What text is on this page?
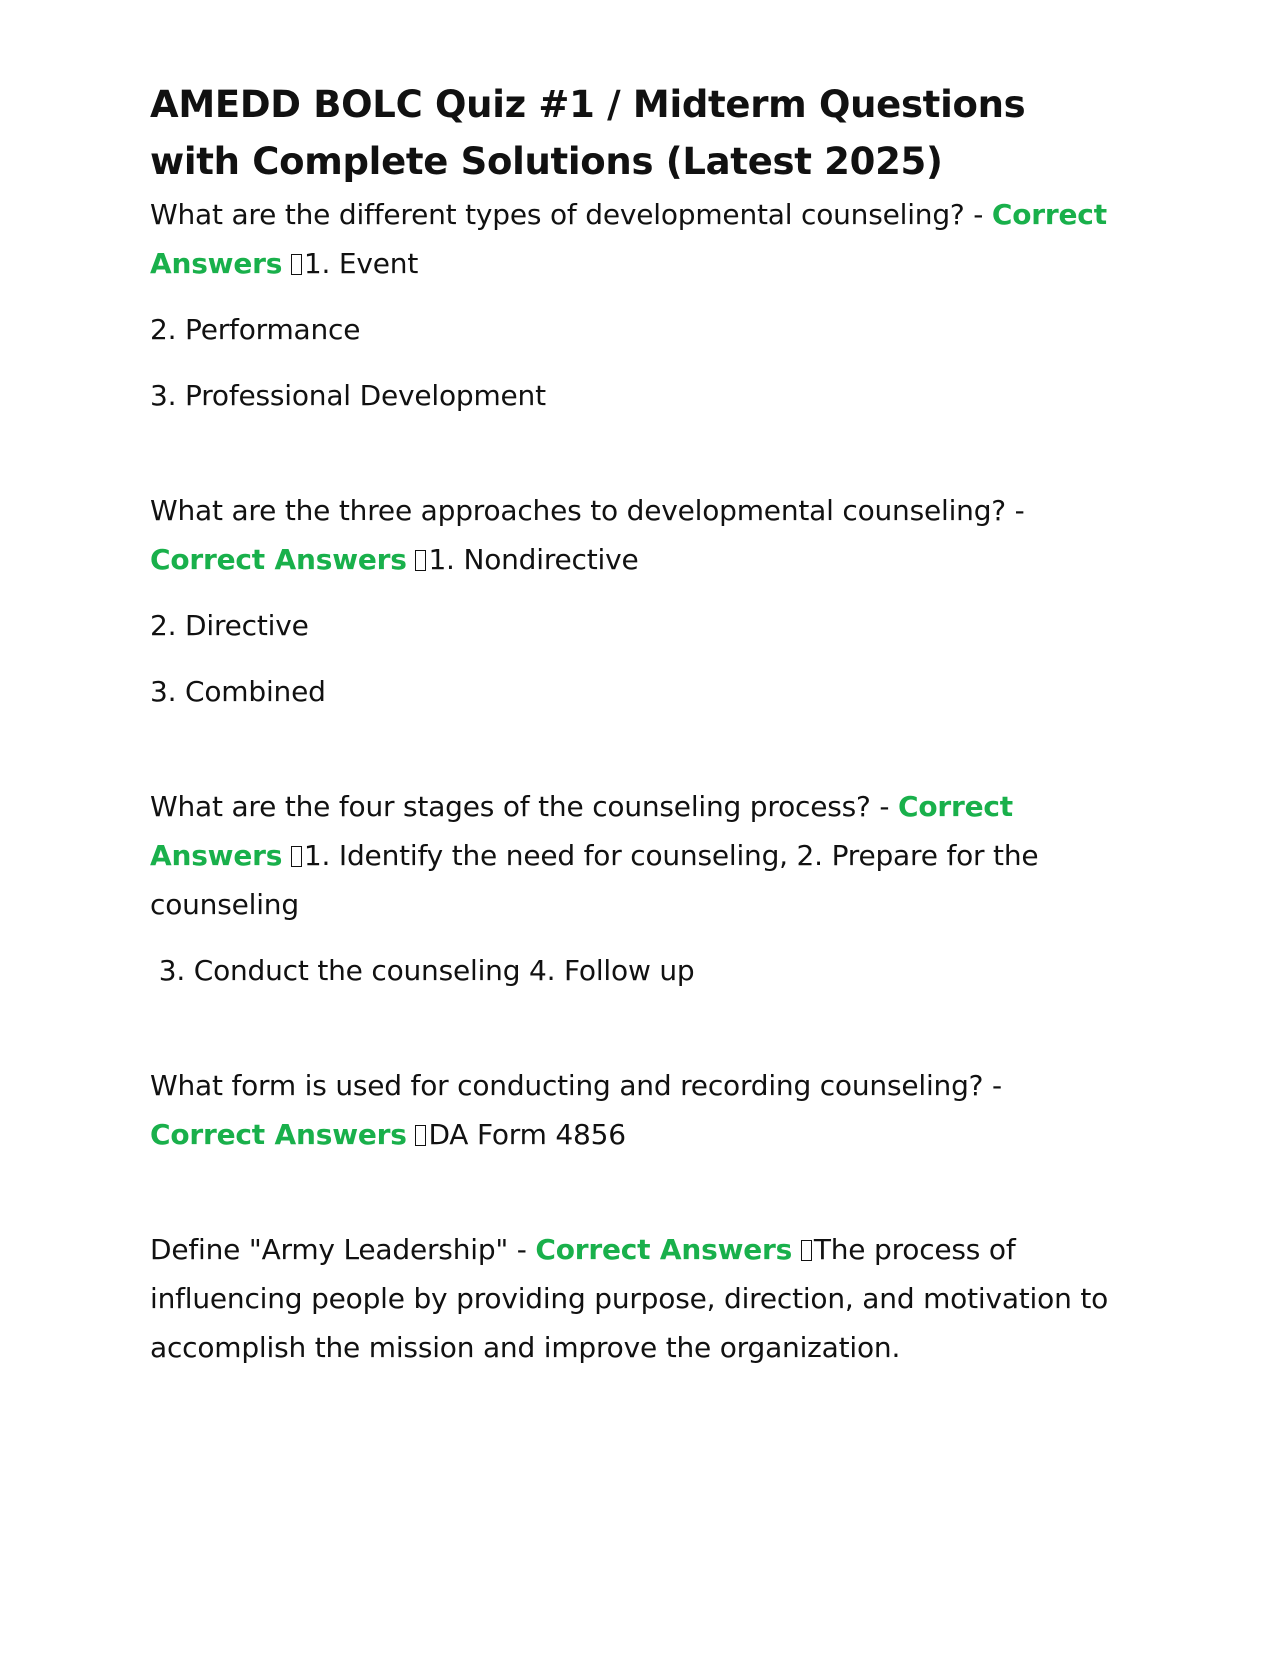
AMEDD BOLC Quiz #1 / Midterm Questions with Complete Solutions (Latest 2025)

What are the different types of developmental counseling? - Correct Answers 1. Event

2. Performance

3. Professional Development

What are the three approaches to developmental counseling? - Correct Answers 1. Nondirective

2. Directive

3. Combined

What are the four stages of the counseling process? - Correct Answers 1. Identify the need for counseling, 2. Prepare for the counseling

3. Conduct the counseling 4. Follow up

What form is used for conducting and recording counseling? - Correct Answers DA Form 4856

Define "Army Leadership" - Correct Answers The process of influencing people by providing purpose, direction, and motivation to accomplish the mission and improve the organization.
